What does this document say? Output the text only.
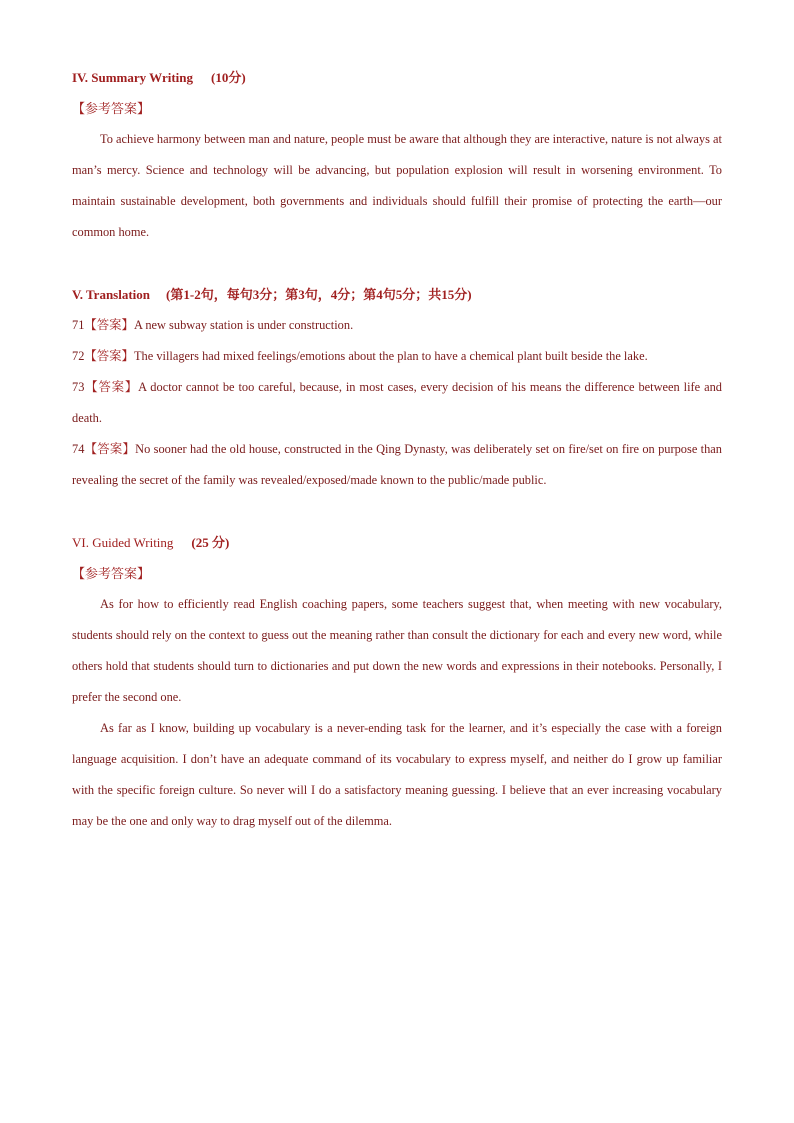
IV. Summary Writing (10分)
【参考答案】

To achieve harmony between man and nature, people must be aware that although they are interactive, nature is not always at man’s mercy. Science and technology will be advancing, but population explosion will result in worsening environment. To maintain sustainable development, both governments and individuals should fulfill their promise of protecting the earth—our common home.

V. Translation (第1-2句，每句3分；第3句，4分；第4句5分；共15分)

71【答案】A new subway station is under construction.

72【答案】The villagers had mixed feelings/emotions about the plan to have a chemical plant built beside the lake.

73【答案】A doctor cannot be too careful, because, in most cases, every decision of his means the difference between life and death.

74【答案】No sooner had the old house, constructed in the Qing Dynasty, was deliberately set on fire/set on fire on purpose than revealing the secret of the family was revealed/exposed/made known to the public/made public.

VI. Guided Writing (25 分)
【参考答案】

As for how to efficiently read English coaching papers, some teachers suggest that, when meeting with new vocabulary, students should rely on the context to guess out the meaning rather than consult the dictionary for each and every new word, while others hold that students should turn to dictionaries and put down the new words and expressions in their notebooks. Personally, I prefer the second one.

As far as I know, building up vocabulary is a never-ending task for the learner, and it’s especially the case with a foreign language acquisition. I don’t have an adequate command of its vocabulary to express myself, and neither do I grow up familiar with the specific foreign culture. So never will I do a satisfactory meaning guessing. I believe that an ever increasing vocabulary may be the one and only way to drag myself out of the dilemma.
